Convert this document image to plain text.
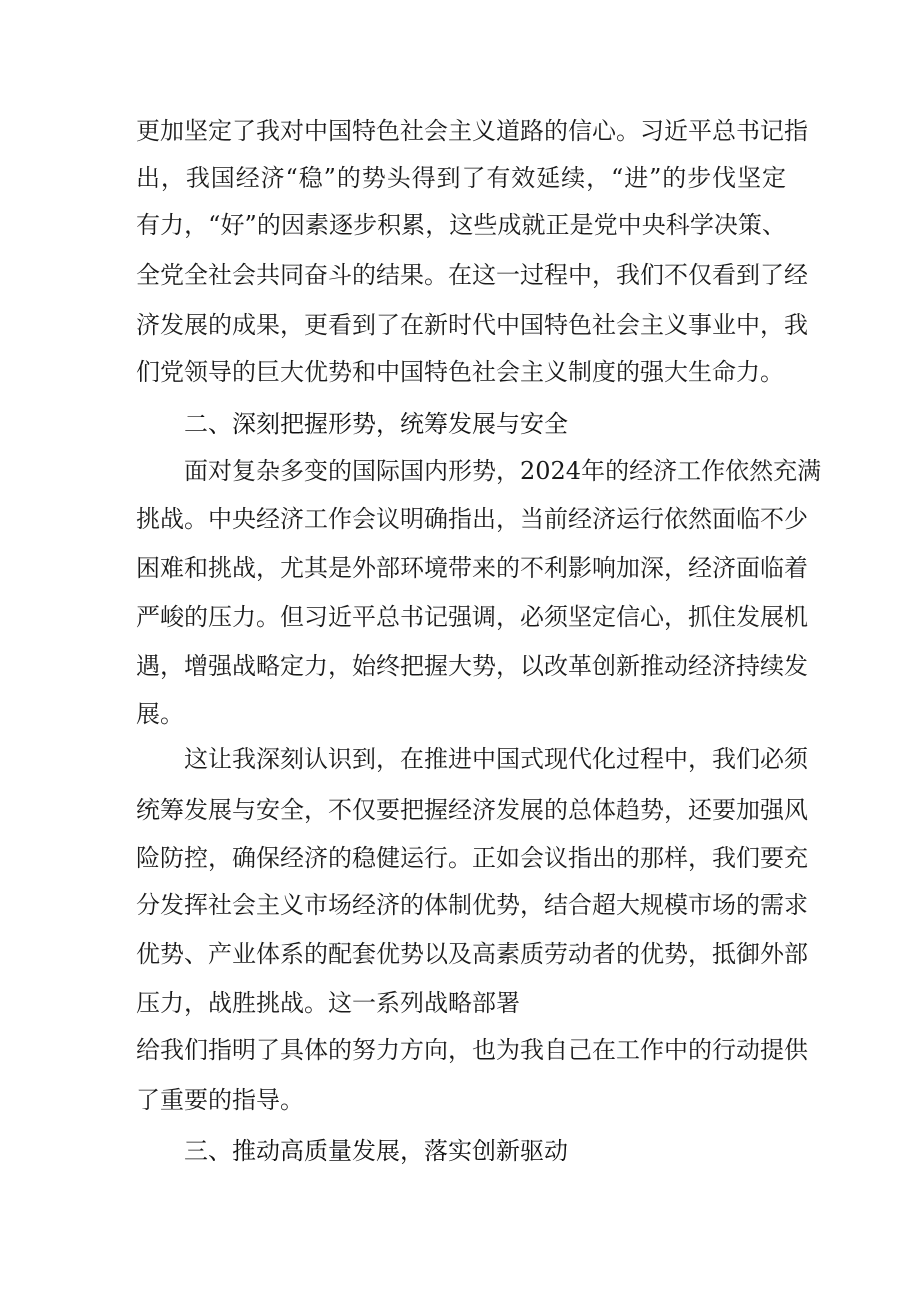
更加坚定了我对中国特色社会主义道路的信心。习近平总书记指
出，我国经济“稳”的势头得到了有效延续，“进”的步伐坚定
有力，“好”的因素逐步积累，这些成就正是党中央科学决策、
全党全社会共同奋斗的结果。在这一过程中，我们不仅看到了经
济发展的成果，更看到了在新时代中国特色社会主义事业中，我
们党领导的巨大优势和中国特色社会主义制度的强大生命力。
二、深刻把握形势，统筹发展与安全
面对复杂多变的国际国内形势，2024年的经济工作依然充满
挑战。中央经济工作会议明确指出，当前经济运行依然面临不少
困难和挑战，尤其是外部环境带来的不利影响加深，经济面临着
严峻的压力。但习近平总书记强调，必须坚定信心，抓住发展机
遇，增强战略定力，始终把握大势，以改革创新推动经济持续发
展。
这让我深刻认识到，在推进中国式现代化过程中，我们必须
统筹发展与安全，不仅要把握经济发展的总体趋势，还要加强风
险防控，确保经济的稳健运行。正如会议指出的那样，我们要充
分发挥社会主义市场经济的体制优势，结合超大规模市场的需求
优势、产业体系的配套优势以及高素质劳动者的优势，抵御外部
压力，战胜挑战。这一系列战略部署
给我们指明了具体的努力方向，也为我自己在工作中的行动提供
了重要的指导。
三、推动高质量发展，落实创新驱动
